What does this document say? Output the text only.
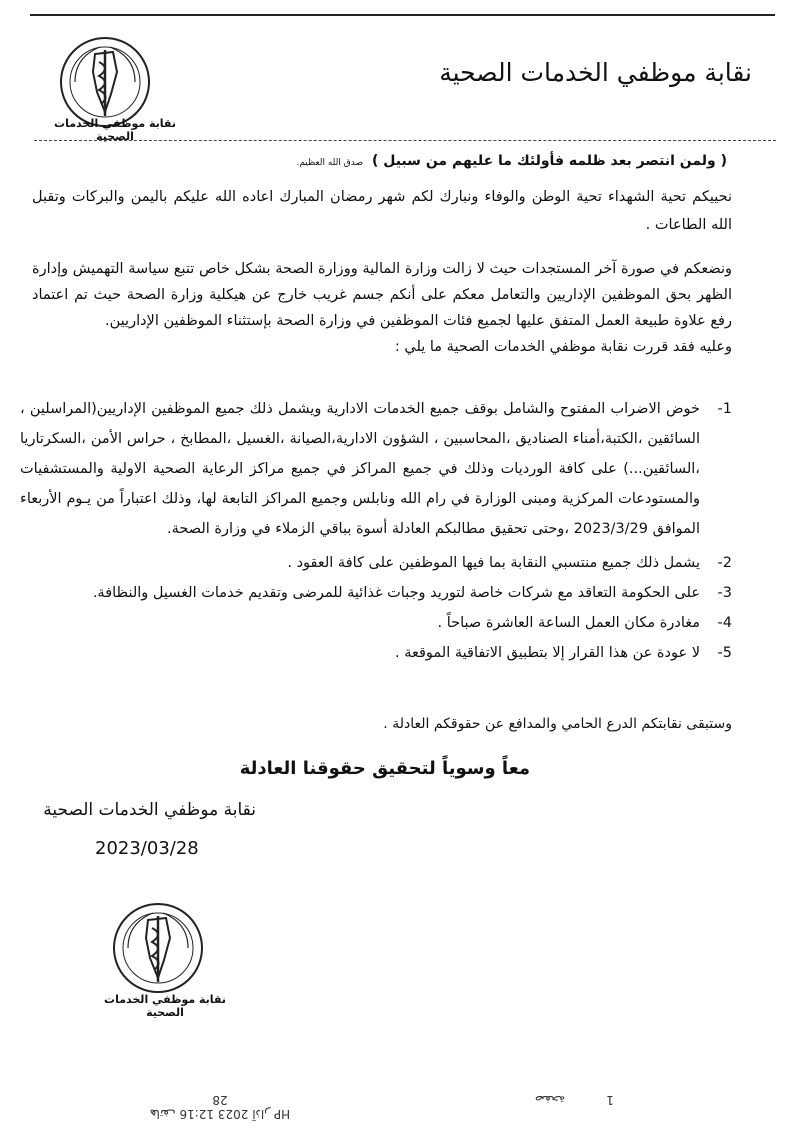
نقابة موظفي الخدمات الصحية
نقابة موظفي الخدمات الصحية
( ولمن انتصر بعد ظلمه فأولئك ما عليهم من سبيل ) صدق الله العظيم.
نحييكم تحية الشهداء تحية الوطن والوفاء ونبارك لكم شهر رمضان المبارك اعاده الله عليكم باليمن والبركات وتقبل الله الطاعات .
ونضعكم في صورة آخر المستجدات حيث لا زالت وزارة المالية ووزارة الصحة بشكل خاص تتبع سياسة التهميش وإدارة الظهر بحق الموظفين الإداريين والتعامل معكم على أنكم جسم غريب خارج عن هيكلية وزارة الصحة حيث تم اعتماد رفع علاوة طبيعة العمل المتفق عليها لجميع فئات الموظفين في وزارة الصحة بإستثناء الموظفين الإداريين.
وعليه فقد قررت نقابة موظفي الخدمات الصحية ما يلي :
-1
خوض الاضراب المفتوح والشامل بوقف جميع الخدمات الادارية ويشمل ذلك جميع الموظفين الإداريين(المراسلين ، السائقين ،الكتبة،أمناء الصناديق ،المحاسبين ، الشؤون الادارية،الصيانة ،الغسيل ،المطابخ ، حراس الأمن ،السكرتاريا ،السائقين...) على كافة الورديات وذلك في جميع المراكز في جميع مراكز الرعاية الصحية الاولية والمستشفيات والمستودعات المركزية ومبنى الوزارة في رام الله ونابلس وجميع المراكز التابعة لها، وذلك اعتباراً من يـوم الأربعاء الموافق 2023/3/29 ،وحتى تحقيق مطالبكم العادلة أسوة بباقي الزملاء في وزارة الصحة.
-2
يشمل ذلك جميع منتسبي النقابة بما فيها الموظفين على كافة العقود .
-3
على الحكومة التعاقد مع شركات خاصة لتوريد وجبات غذائية للمرضى وتقديم خدمات الغسيل والنظافة.
-4
مغادرة مكان العمل الساعة العاشرة صباحاً .
-5
لا عودة عن هذا القرار إلا بتطبيق الاتفاقية الموقعة .
وستبقى نقابتكم الدرع الحامي والمدافع عن حقوقكم العادلة .
معاً وسوياً لتحقيق حقوقنا العادلة
نقابة موظفي الخدمات الصحية
2023/03/28
نقابة موظفي الخدمات الصحية
HP هاتف 12:16 2023 آذار 28	صفحة	1
